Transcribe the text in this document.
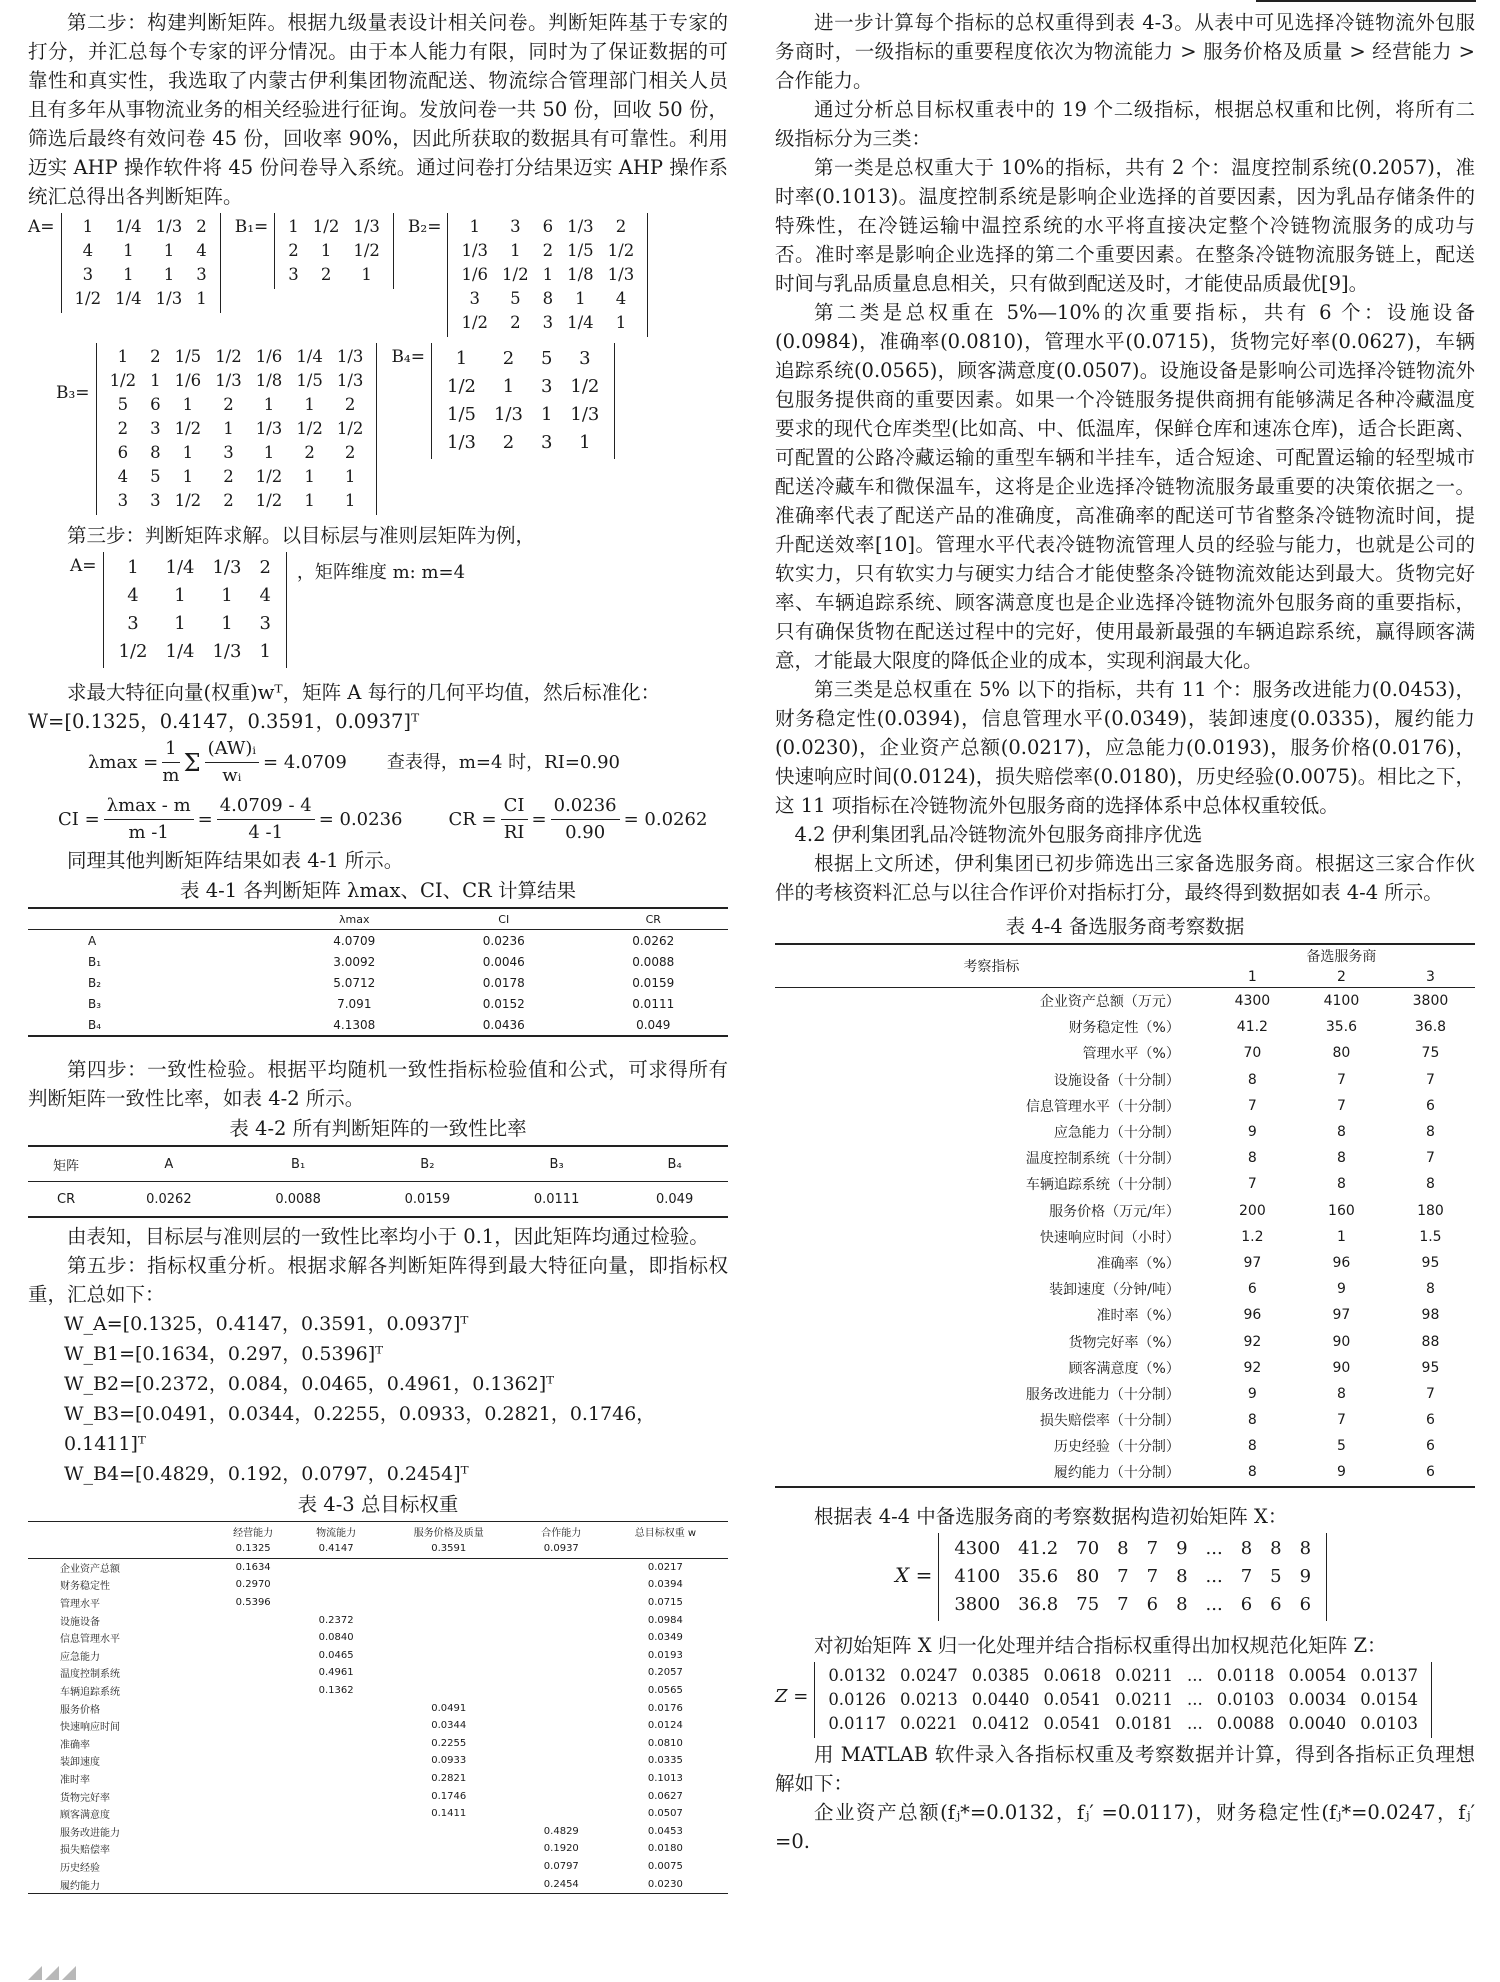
第二步：构建判断矩阵。根据九级量表设计相关问卷。判断矩阵基于专家的打分，并汇总每个专家的评分情况。由于本人能力有限，同时为了保证数据的可靠性和真实性，我选取了内蒙古伊利集团物流配送、物流综合管理部门相关人员且有多年从事物流业务的相关经验进行征询。发放问卷一共 50 份，回收 50 份，筛选后最终有效问卷 45 份，回收率 90%，因此所获取的数据具有可靠性。利用迈实 AHP 操作软件将 45 份问卷导入系统。通过问卷打分结果迈实 AHP 操作系统汇总得出各判断矩阵。

A= 1	1/4	1/3	2
4	1	1	4
3	1	1	3
1/2	1/4	1/3	1
B₁= 1	1/2	1/3
2	1	1/2
3	2	1
B₂= 1	3	6	1/3	2
1/3	1	2	1/5	1/2
1/6	1/2	1	1/8	1/3
3	5	8	1	4
1/2	2	3	1/4	1
B₃=
1	2	1/5	1/2	1/6	1/4	1/3
1/2	1	1/6	1/3	1/8	1/5	1/3
5	6	1	2	1	1	2
2	3	1/2	1	1/3	1/2	1/2
6	8	1	3	1	2	2
4	5	1	2	1/2	1	1
3	3	1/2	2	1/2	1	1
B₄= 1	2	5	3
1/2	1	3	1/2
1/5	1/3	1	1/3
1/3	2	3	1

第三步：判断矩阵求解。以目标层与准则层矩阵为例，

A= 1	1/4	1/3	2
4	1	1	4
3	1	1	3
1/2	1/4	1/3	1
，矩阵维度 m: m=4

求最大特征向量(权重)wᵀ，矩阵 A 每行的几何平均值，然后标准化：

W=[0.1325，0.4147，0.3591，0.0937]ᵀ

$\lambda\max = \frac{1}{m}$ Σ $\frac{\text{(AW)ᵢ}}{\text{wᵢ}} = 4.0709$ 查表得，m=4 时，RI=0.90
CI = $\frac{\lambda\max - m}{m -1} = \frac{4.0709 - 4}{4 -1} = 0.0236$	CR = $\frac{CI}{RI} = \frac{0.0236}{0.90} = 0.0262$

同理其他判断矩阵结果如表 4-1 所示。

表 4-1 各判断矩阵 λmax、CI、CR 计算结果
	λmax	CI	CR
A	4.0709	0.0236	0.0262
B₁	3.0092	0.0046	0.0088
B₂	5.0712	0.0178	0.0159
B₃	7.091	0.0152	0.0111
B₄	4.1308	0.0436	0.049

第四步：一致性检验。根据平均随机一致性指标检验值和公式，可求得所有判断矩阵一致性比率，如表 4-2 所示。

表 4-2 所有判断矩阵的一致性比率
矩阵	A	B₁	B₂	B₃	B₄
CR	0.0262	0.0088	0.0159	0.0111	0.049

由表知，目标层与准则层的一致性比率均小于 0.1，因此矩阵均通过检验。

第五步：指标权重分析。根据求解各判断矩阵得到最大特征向量，即指标权重，汇总如下：

W_A=[0.1325，0.4147，0.3591，0.0937]ᵀ
W_B1=[0.1634，0.297，0.5396]ᵀ
W_B2=[0.2372，0.084，0.0465，0.4961，0.1362]ᵀ
W_B3=[0.0491，0.0344，0.2255，0.0933，0.2821，0.1746，0.1411]ᵀ
W_B4=[0.4829，0.192，0.0797，0.2454]ᵀ
表 4-3 总目标权重
	经营能力	物流能力	服务价格及质量	合作能力	总目标权重 w
	0.1325	0.4147	0.3591	0.0937	
企业资产总额	0.1634				0.0217
财务稳定性	0.2970				0.0394
管理水平	0.5396				0.0715
设施设备		0.2372			0.0984
信息管理水平		0.0840			0.0349
应急能力		0.0465			0.0193
温度控制系统		0.4961			0.2057
车辆追踪系统		0.1362			0.0565
服务价格			0.0491		0.0176
快速响应时间			0.0344		0.0124
准确率			0.2255		0.0810
装卸速度			0.0933		0.0335
准时率			0.2821		0.1013
货物完好率			0.1746		0.0627
顾客满意度			0.1411		0.0507
服务改进能力				0.4829	0.0453
损失赔偿率				0.1920	0.0180
历史经验				0.0797	0.0075
履约能力				0.2454	0.0230

进一步计算每个指标的总权重得到表 4-3。从表中可见选择冷链物流外包服务商时，一级指标的重要程度依次为物流能力 > 服务价格及质量 > 经营能力 > 合作能力。

通过分析总目标权重表中的 19 个二级指标，根据总权重和比例，将所有二级指标分为三类：

第一类是总权重大于 10%的指标，共有 2 个：温度控制系统(0.2057)，准时率(0.1013)。温度控制系统是影响企业选择的首要因素，因为乳品存储条件的特殊性，在冷链运输中温控系统的水平将直接决定整个冷链物流服务的成功与否。准时率是影响企业选择的第二个重要因素。在整条冷链物流服务链上，配送时间与乳品质量息息相关，只有做到配送及时，才能使品质最优[9]。

第二类是总权重在 5%—10%的次重要指标，共有 6 个：设施设备(0.0984)，准确率(0.0810)，管理水平(0.0715)，货物完好率(0.0627)，车辆追踪系统(0.0565)，顾客满意度(0.0507)。设施设备是影响公司选择冷链物流外包服务提供商的重要因素。如果一个冷链服务提供商拥有能够满足各种冷藏温度要求的现代仓库类型(比如高、中、低温库，保鲜仓库和速冻仓库)，适合长距离、可配置的公路冷藏运输的重型车辆和半挂车，适合短途、可配置运输的轻型城市配送冷藏车和微保温车，这将是企业选择冷链物流服务最重要的决策依据之一。准确率代表了配送产品的准确度，高准确率的配送可节省整条冷链物流时间，提升配送效率[10]。管理水平代表冷链物流管理人员的经验与能力，也就是公司的软实力，只有软实力与硬实力结合才能使整条冷链物流效能达到最大。货物完好率、车辆追踪系统、顾客满意度也是企业选择冷链物流外包服务商的重要指标，只有确保货物在配送过程中的完好，使用最新最强的车辆追踪系统，赢得顾客满意，才能最大限度的降低企业的成本，实现利润最大化。

第三类是总权重在 5% 以下的指标，共有 11 个：服务改进能力(0.0453)，财务稳定性(0.0394)，信息管理水平(0.0349)，装卸速度(0.0335)，履约能力(0.0230)，企业资产总额(0.0217)，应急能力(0.0193)，服务价格(0.0176)，快速响应时间(0.0124)，损失赔偿率(0.0180)，历史经验(0.0075)。相比之下，这 11 项指标在冷链物流外包服务商的选择体系中总体权重较低。

4.2 伊利集团乳品冷链物流外包服务商排序优选

根据上文所述，伊利集团已初步筛选出三家备选服务商。根据这三家合作伙伴的考核资料汇总与以往合作评价对指标打分，最终得到数据如表 4-4 所示。

表 4-4 备选服务商考察数据
考察指标	备选服务商		
	1	2	3
企业资产总额（万元）	4300	4100	3800
财务稳定性（%）	41.2	35.6	36.8
管理水平（%）	70	80	75
设施设备（十分制）	8	7	7
信息管理水平（十分制）	7	7	6
应急能力（十分制）	9	8	8
温度控制系统（十分制）	8	8	7
车辆追踪系统（十分制）	7	8	8
服务价格（万元/年）	200	160	180
快速响应时间（小时）	1.2	1	1.5
准确率（%）	97	96	95
装卸速度（分钟/吨）	6	9	8
准时率（%）	96	97	98
货物完好率（%）	92	90	88
顾客满意度（%）	92	90	95
服务改进能力（十分制）	9	8	7
损失赔偿率（十分制）	8	7	6
历史经验（十分制）	8	5	6
履约能力（十分制）	8	9	6

根据表 4-4 中备选服务商的考察数据构造初始矩阵 X：

X =
4300	41.2	70	8	7	9	...	8	8	8
4100	35.6	80	7	7	8	...	7	5	9
3800	36.8	75	7	6	8	...	6	6	6

对初始矩阵 X 归一化处理并结合指标权重得出加权规范化矩阵 Z：

Z =
0.0132	0.0247	0.0385	0.0618	0.0211	...	0.0118	0.0054	0.0137
0.0126	0.0213	0.0440	0.0541	0.0211	...	0.0103	0.0034	0.0154
0.0117	0.0221	0.0412	0.0541	0.0181	...	0.0088	0.0040	0.0103

用 MATLAB 软件录入各指标权重及考察数据并计算，得到各指标正负理想解如下：

企业资产总额(fⱼ*=0.0132，fⱼ′ =0.0117)，财务稳定性(fⱼ*=0.0247，fⱼ′ =0.
